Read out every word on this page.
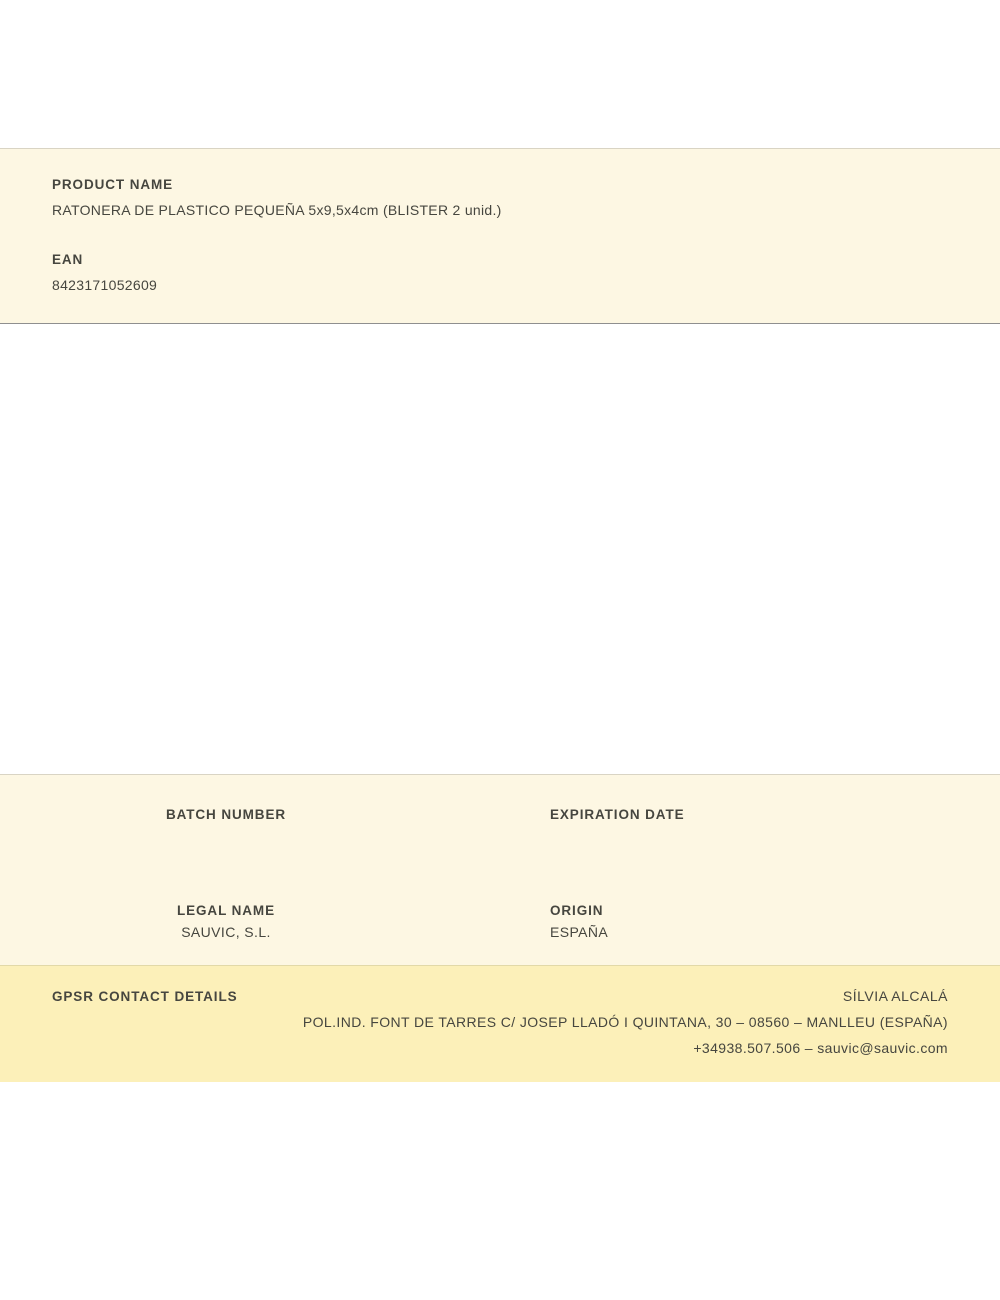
PRODUCT NAME
RATONERA DE PLASTICO PEQUEÑA 5x9,5x4cm (BLISTER 2 unid.)
EAN
8423171052609
BATCH NUMBER	EXPIRATION DATE
LEGAL NAME
SAUVIC, S.L.
ORIGIN
ESPAÑA
GPSR CONTACT DETAILS	SÍLVIA ALCALÁ
POL.IND. FONT DE TARRES C/ JOSEP LLADÓ I QUINTANA, 30 – 08560 – MANLLEU (ESPAÑA)
+34938.507.506 – sauvic@sauvic.com
